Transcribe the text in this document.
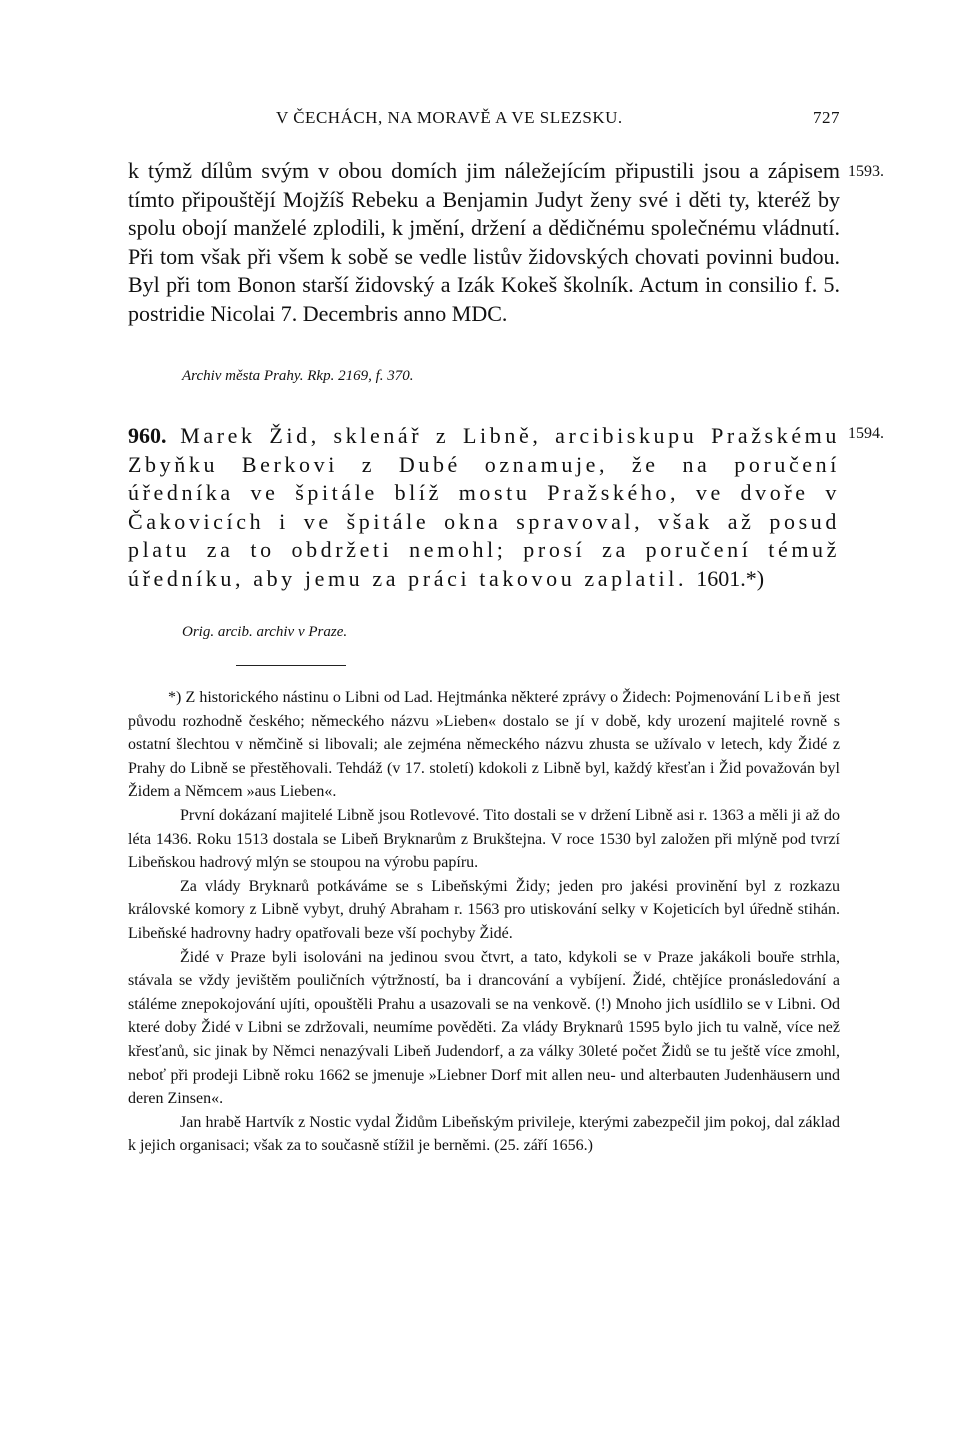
V ČECHÁCH, NA MORAVĚ A VE SLEZSKU.	727
k týmž dílům svým v obou domích jim náležejícím připustili jsou a zápisem tímto připouštějí Mojžíš Rebeku a Benjamin Judyt ženy své i děti ty, kteréž by spolu obojí manželé zplodili, k jmění, držení a dědičnému společnému vládnutí. Při tom však při všem k sobě se vedle listův židovských chovati povinni budou. Byl při tom Bonon starší židovský a Izák Kokeš školník. Actum in consilio f. 5. postridie Nicolai 7. Decembris anno MDC.
1593.
Archiv města Prahy. Rkp. 2169, f. 370.
960. Marek Žid, sklenář z Libně, arcibiskupu Pražskému Zbyňku Berkovi z Dubé oznamuje, že na poručení úředníka ve špitále blíž mostu Pražského, ve dvoře v Čakovicích i ve špitále okna spravoval, však až posud platu za to obdržeti nemohl; prosí za poručení témuž úředníku, aby jemu za práci takovou zaplatil. 1601.*)
1594.
Orig. arcib. archiv v Praze.

*) Z historického nástinu o Libni od Lad. Hejtmánka některé zprávy o Židech: Pojmenování Libeň jest původu rozhodně českého; německého názvu »Lieben« dostalo se jí v době, kdy urození majitelé rovně s ostatní šlechtou v němčině si libovali; ale zejména německého názvu zhusta se užívalo v letech, kdy Židé z Prahy do Libně se přestěhovali. Tehdáž (v 17. století) kdokoli z Libně byl, každý křesťan i Žid považován byl Židem a Němcem »aus Lieben«.

První dokázaní majitelé Libně jsou Rotlevové. Tito dostali se v držení Libně asi r. 1363 a měli ji až do léta 1436. Roku 1513 dostala se Libeň Bryknarům z Brukštejna. V roce 1530 byl založen při mlýně pod tvrzí Libeňskou hadrový mlýn se stoupou na výrobu papíru.

Za vlády Bryknarů potkáváme se s Libeňskými Židy; jeden pro jakési provinění byl z rozkazu královské komory z Libně vybyt, druhý Abraham r. 1563 pro utiskování selky v Kojeticích byl úředně stihán. Libeňské hadrovny hadry opatřovali beze vší pochyby Židé.

Židé v Praze byli isolováni na jedinou svou čtvrt, a tato, kdykoli se v Praze jakákoli bouře strhla, stávala se vždy jevištěm pouličních výtržností, ba i drancování a vybíjení. Židé, chtějíce pronásledování a stáléme znepokojování ujíti, opouštěli Prahu a usazovali se na venkově. (!) Mnoho jich usídlilo se v Libni. Od které doby Židé v Libni se zdržovali, neumíme pověděti. Za vlády Bryknarů 1595 bylo jich tu valně, více než křesťanů, sic jinak by Němci nenazývali Libeň Judendorf, a za války 30leté počet Židů se tu ještě více zmohl, neboť při prodeji Libně roku 1662 se jmenuje »Liebner Dorf mit allen neu- und alterbauten Judenhäusern und deren Zinsen«.

Jan hrabě Hartvík z Nostic vydal Židům Libeňským privileje, kterými zabezpečil jim pokoj, dal základ k jejich organisaci; však za to současně stížil je berněmi. (25. září 1656.)
